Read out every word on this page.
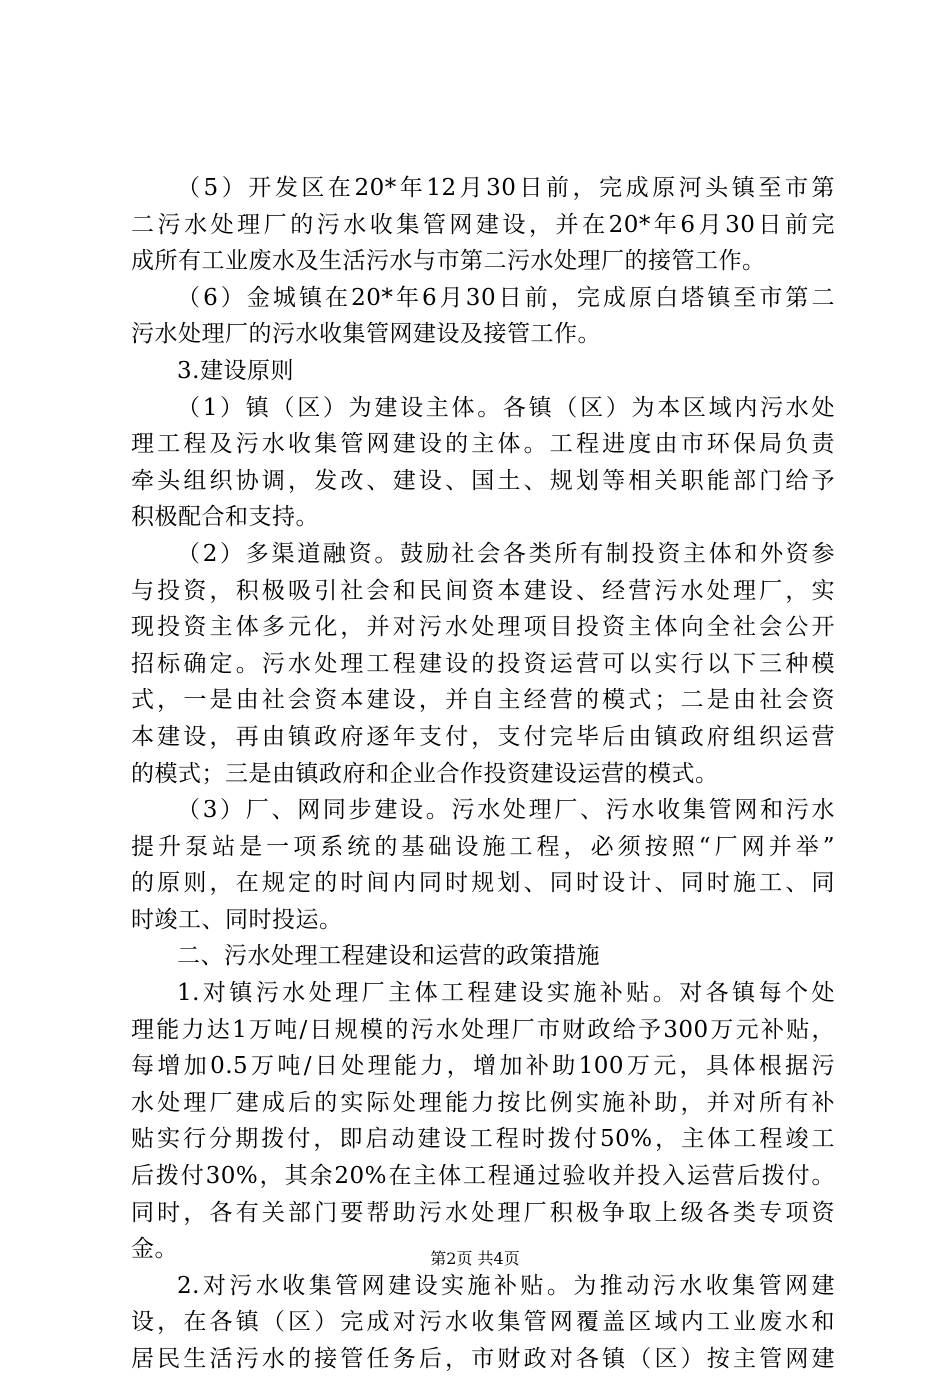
（5）开发区在20*年12月30日前，完成原河头镇至市第
二污水处理厂的污水收集管网建设，并在20*年6月30日前完
成所有工业废水及生活污水与市第二污水处理厂的接管工作。
（6）金城镇在20*年6月30日前，完成原白塔镇至市第二
污水处理厂的污水收集管网建设及接管工作。
3.建设原则
（1）镇（区）为建设主体。各镇（区）为本区域内污水处
理工程及污水收集管网建设的主体。工程进度由市环保局负责
牵头组织协调，发改、建设、国土、规划等相关职能部门给予
积极配合和支持。
（2）多渠道融资。鼓励社会各类所有制投资主体和外资参
与投资，积极吸引社会和民间资本建设、经营污水处理厂，实
现投资主体多元化，并对污水处理项目投资主体向全社会公开
招标确定。污水处理工程建设的投资运营可以实行以下三种模
式，一是由社会资本建设，并自主经营的模式；二是由社会资
本建设，再由镇政府逐年支付，支付完毕后由镇政府组织运营
的模式；三是由镇政府和企业合作投资建设运营的模式。
（3）厂、网同步建设。污水处理厂、污水收集管网和污水
提升泵站是一项系统的基础设施工程，必须按照“厂网并举”
的原则，在规定的时间内同时规划、同时设计、同时施工、同
时竣工、同时投运。
二、污水处理工程建设和运营的政策措施
1.对镇污水处理厂主体工程建设实施补贴。对各镇每个处
理能力达1万吨/日规模的污水处理厂市财政给予300万元补贴，
每增加0.5万吨/日处理能力，增加补助100万元，具体根据污
水处理厂建成后的实际处理能力按比例实施补助，并对所有补
贴实行分期拨付，即启动建设工程时拨付50%，主体工程竣工
后拨付30%，其余20%在主体工程通过验收并投入运营后拨付。
同时，各有关部门要帮助污水处理厂积极争取上级各类专项资
金。
2.对污水收集管网建设实施补贴。为推动污水收集管网建
设，在各镇（区）完成对污水收集管网覆盖区域内工业废水和
居民生活污水的接管任务后，市财政对各镇（区）按主管网建
第2页 共4页
